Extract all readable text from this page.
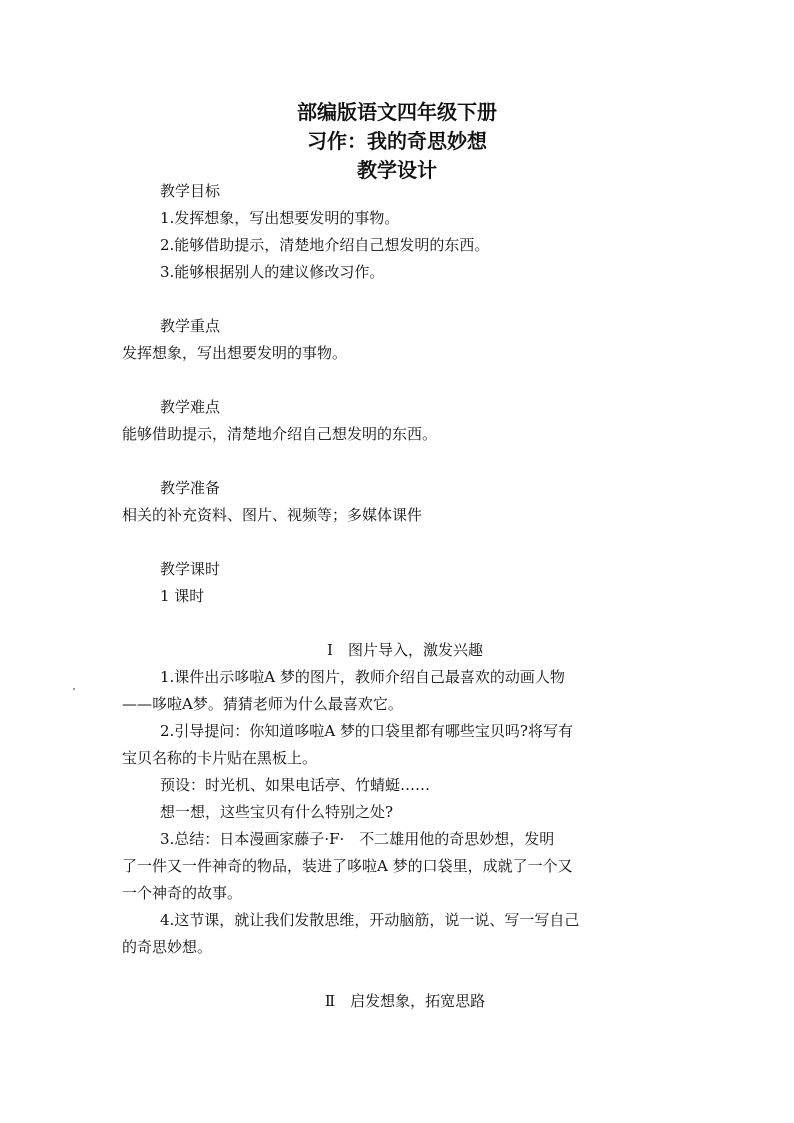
部编版语文四年级下册
习作：我的奇思妙想
教学设计
教学目标
1.发挥想象，写出想要发明的事物。
2.能够借助提示，清楚地介绍自己想发明的东西。
3.能够根据别人的建议修改习作。
教学重点
发挥想象，写出想要发明的事物。
教学难点
能够借助提示，清楚地介绍自己想发明的东西。
教学准备
相关的补充资料、图片、视频等；多媒体课件
教学课时
1 课时
Ⅰ　图片导入，激发兴趣
1.课件出示哆啦A 梦的图片，教师介绍自己最喜欢的动画人物
——哆啦A梦。猜猜老师为什么最喜欢它。
2.引导提问：你知道哆啦A 梦的口袋里都有哪些宝贝吗?将写有
宝贝名称的卡片贴在黑板上。
预设：时光机、如果电话亭、竹蜻蜓……
想一想，这些宝贝有什么特别之处?
3.总结：日本漫画家藤子·F·　不二雄用他的奇思妙想，发明
了一件又一件神奇的物品，装进了哆啦A 梦的口袋里，成就了一个又
一个神奇的故事。
4.这节课，就让我们发散思维，开动脑筋，说一说、写一写自己
的奇思妙想。
Ⅱ　启发想象，拓宽思路
